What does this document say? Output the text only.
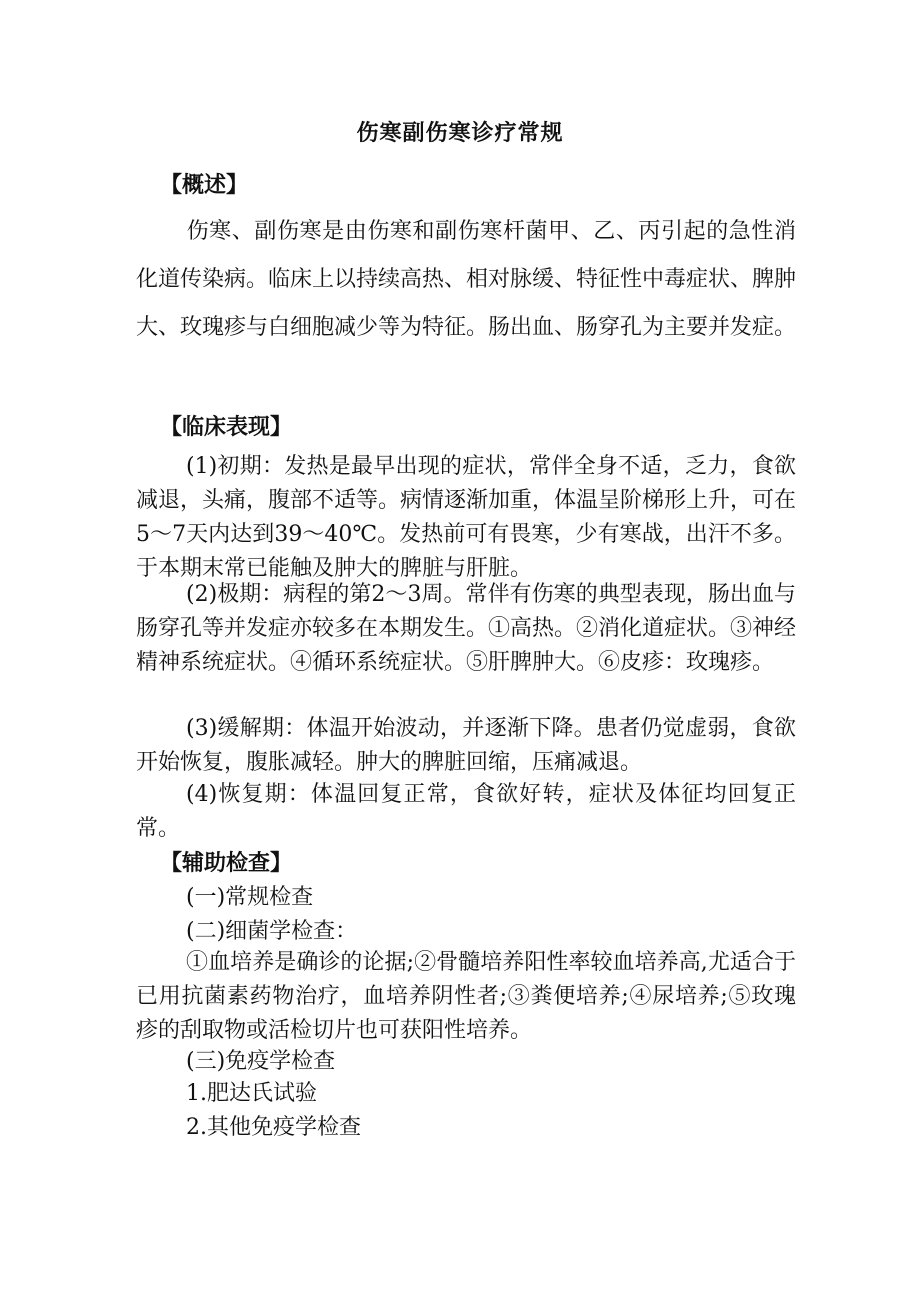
伤寒副伤寒诊疗常规
【概述】

伤寒、副伤寒是由伤寒和副伤寒杆菌甲、乙、丙引起的急性消化道传染病。临床上以持续高热、相对脉缓、特征性中毒症状、脾肿大、玫瑰疹与白细胞减少等为特征。肠出血、肠穿孔为主要并发症。

【临床表现】

(1)初期：发热是最早出现的症状，常伴全身不适，乏力，食欲减退，头痛，腹部不适等。病情逐渐加重，体温呈阶梯形上升，可在5～7天内达到39～40℃。发热前可有畏寒，少有寒战，出汗不多。于本期末常已能触及肿大的脾脏与肝脏。

(2)极期：病程的第2～3周。常伴有伤寒的典型表现，肠出血与肠穿孔等并发症亦较多在本期发生。①高热。②消化道症状。③神经精神系统症状。④循环系统症状。⑤肝脾肿大。⑥皮疹：玫瑰疹。

(3)缓解期：体温开始波动，并逐渐下降。患者仍觉虚弱，食欲开始恢复，腹胀减轻。肿大的脾脏回缩，压痛减退。

(4)恢复期：体温回复正常，食欲好转，症状及体征均回复正常。

【辅助检查】

(一)常规检查

(二)细菌学检查：

①血培养是确诊的论据;②骨髓培养阳性率较血培养高,尤适合于已用抗菌素药物治疗，血培养阴性者;③粪便培养;④尿培养;⑤玫瑰疹的刮取物或活检切片也可获阳性培养。

(三)免疫学检查

1.肥达氏试验

2.其他免疫学检查
